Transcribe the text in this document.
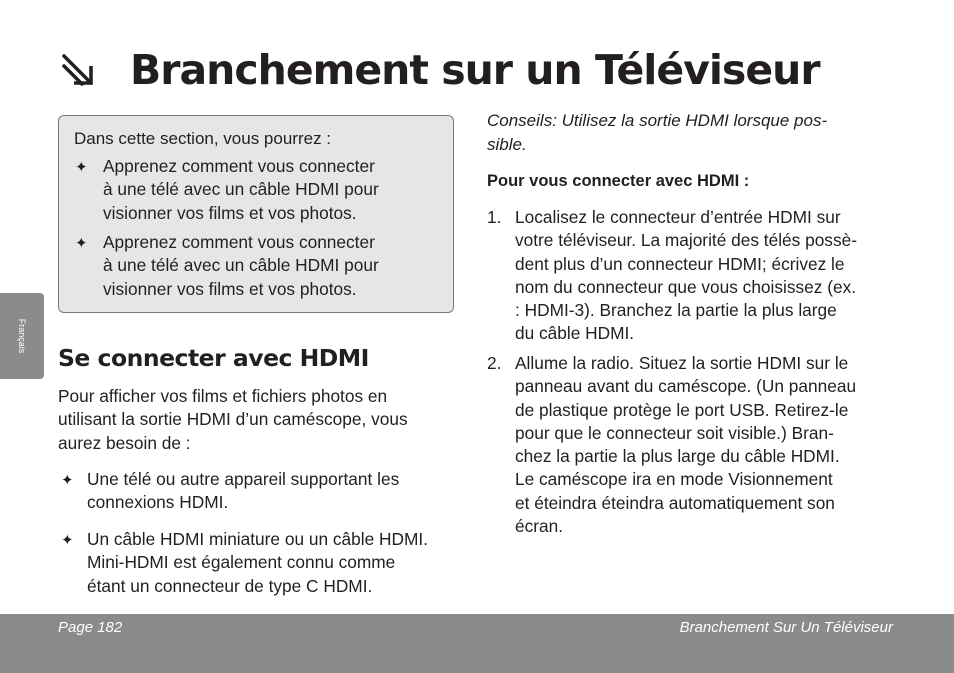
Branchement sur un Téléviseur
Français
Dans cette section, vous pourrez :
✦ Apprenez comment vous connecter
à une télé avec un câble HDMI pour
visionner vos films et vos photos.
✦ Apprenez comment vous connecter
à une télé avec un câble HDMI pour
visionner vos films et vos photos.
Se connecter avec HDMI
Pour afficher vos films et fichiers photos en
utilisant la sortie HDMI d’un caméscope, vous
aurez besoin de :
✦ Une télé ou autre appareil supportant les
connexions HDMI.
✦ Un câble HDMI miniature ou un câble HDMI.
Mini-HDMI est également connu comme
étant un connecteur de type C HDMI.
Conseils: Utilisez la sortie HDMI lorsque pos-
sible.
Pour vous connecter avec HDMI :
1. Localisez le connecteur d’entrée HDMI sur
votre téléviseur. La majorité des télés possè-
dent plus d’un connecteur HDMI; écrivez le
nom du connecteur que vous choisissez (ex.
: HDMI-3). Branchez la partie la plus large
du câble HDMI.
2. Allume la radio. Situez la sortie HDMI sur le
panneau avant du caméscope. (Un panneau
de plastique protège le port USB. Retirez-le
pour que le connecteur soit visible.) Bran-
chez la partie la plus large du câble HDMI.
Le caméscope ira en mode Visionnement
et éteindra éteindra automatiquement son
écran.
Page 182	Branchement Sur Un Téléviseur
